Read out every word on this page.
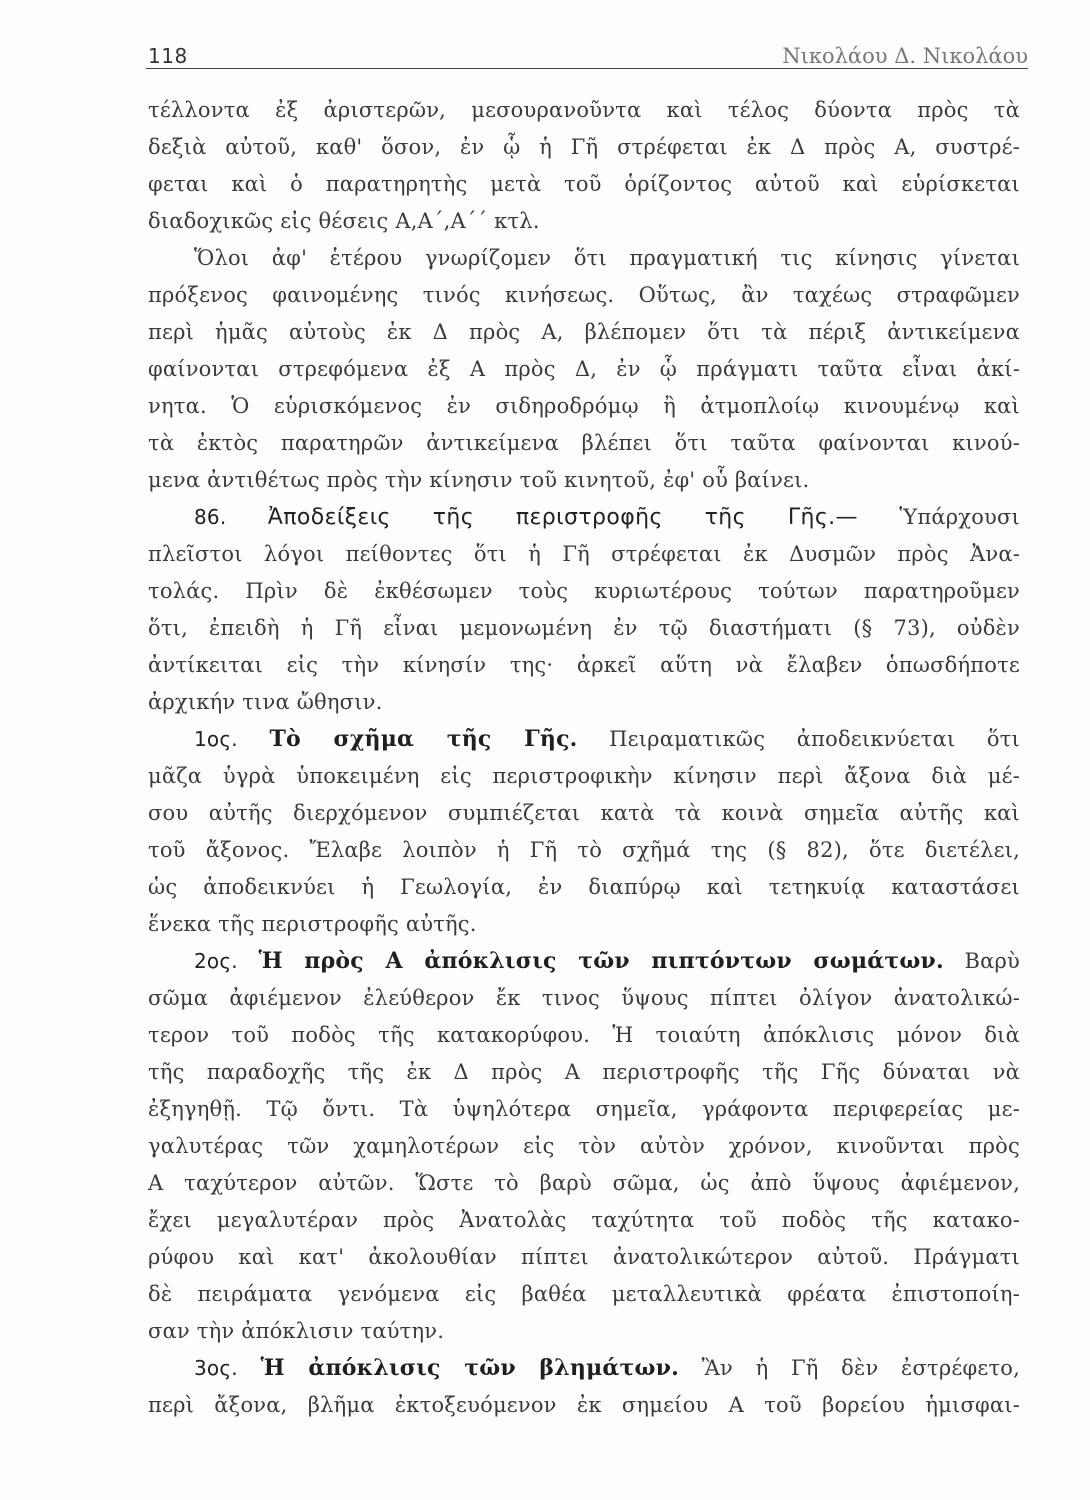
118	Νικολάου Δ. Νικολάου
τέλλοντα ἐξ ἀριστερῶν, μεσουρανοῦντα καὶ τέλος δύοντα πρὸς τὰ
δεξιὰ αὐτοῦ, καθ' ὅσον, ἐν ᾧ ἡ Γῆ στρέφεται ἐκ Δ πρὸς Α, συστρέ-
φεται καὶ ὁ παρατηρητὴς μετὰ τοῦ ὁρίζοντος αὐτοῦ καὶ εὑρίσκεται
διαδοχικῶς εἰς θέσεις Α,Α΄,Α΄΄ κτλ.
Ὅλοι ἀφ' ἑτέρου γνωρίζομεν ὅτι πραγματική τις κίνησις γίνεται
πρόξενος φαινομένης τινός κινήσεως. Οὕτως, ἂν ταχέως στραφῶμεν
περὶ ἡμᾶς αὐτοὺς ἐκ Δ πρὸς Α, βλέπομεν ὅτι τὰ πέριξ ἀντικείμενα
φαίνονται στρεφόμενα ἐξ Α πρὸς Δ, ἐν ᾧ πράγματι ταῦτα εἶναι ἀκί-
νητα. Ὁ εὑρισκόμενος ἐν σιδηροδρόμῳ ἢ ἀτμοπλοίῳ κινουμένῳ καὶ
τὰ ἐκτὸς παρατηρῶν ἀντικείμενα βλέπει ὅτι ταῦτα φαίνονται κινού-
μενα ἀντιθέτως πρὸς τὴν κίνησιν τοῦ κινητοῦ, ἐφ' οὗ βαίνει.
86. Ἀποδείξεις τῆς περιστροφῆς τῆς Γῆς.— Ὑπάρχουσι
πλεῖστοι λόγοι πείθοντες ὅτι ἡ Γῆ στρέφεται ἐκ Δυσμῶν πρὸς Ἀνα-
τολάς. Πρὶν δὲ ἐκθέσωμεν τοὺς κυριωτέρους τούτων παρατηροῦμεν
ὅτι, ἐπειδὴ ἡ Γῆ εἶναι μεμονωμένη ἐν τῷ διαστήματι (§ 73), οὐδὲν
ἀντίκειται εἰς τὴν κίνησίν της· ἀρκεῖ αὕτη νὰ ἔλαβεν ὁπωσδήποτε
ἀρχικήν τινα ὤθησιν.
1ος. Τὸ σχῆμα τῆς Γῆς. Πειραματικῶς ἀποδεικνύεται ὅτι
μᾶζα ὑγρὰ ὑποκειμένη εἰς περιστροφικὴν κίνησιν περὶ ἄξονα διὰ μέ-
σου αὐτῆς διερχόμενον συμπιέζεται κατὰ τὰ κοινὰ σημεῖα αὐτῆς καὶ
τοῦ ἄξονος. Ἔλαβε λοιπὸν ἡ Γῆ τὸ σχῆμά της (§ 82), ὅτε διετέλει,
ὡς ἀποδεικνύει ἡ Γεωλογία, ἐν διαπύρῳ καὶ τετηκυίᾳ καταστάσει
ἕνεκα τῆς περιστροφῆς αὐτῆς.
2ος. Ἡ πρὸς Α ἀπόκλισις τῶν πιπτόντων σωμάτων. Βαρὺ
σῶμα ἀφιέμενον ἐλεύθερον ἔκ τινος ὕψους πίπτει ὀλίγον ἀνατολικώ-
τερον τοῦ ποδὸς τῆς κατακορύφου. Ἡ τοιαύτη ἀπόκλισις μόνον διὰ
τῆς παραδοχῆς τῆς ἐκ Δ πρὸς Α περιστροφῆς τῆς Γῆς δύναται νὰ
ἐξηγηθῇ. Τῷ ὄντι. Τὰ ὑψηλότερα σημεῖα, γράφοντα περιφερείας με-
γαλυτέρας τῶν χαμηλοτέρων εἰς τὸν αὐτὸν χρόνον, κινοῦνται πρὸς
Α ταχύτερον αὐτῶν. Ὥστε τὸ βαρὺ σῶμα, ὡς ἀπὸ ὕψους ἀφιέμενον,
ἔχει μεγαλυτέραν πρὸς Ἀνατολὰς ταχύτητα τοῦ ποδὸς τῆς κατακο-
ρύφου καὶ κατ' ἀκολουθίαν πίπτει ἀνατολικώτερον αὐτοῦ. Πράγματι
δὲ πειράματα γενόμενα εἰς βαθέα μεταλλευτικὰ φρέατα ἐπιστοποίη-
σαν τὴν ἀπόκλισιν ταύτην.
3ος. Ἡ ἀπόκλισις τῶν βλημάτων. Ἂν ἡ Γῆ δὲν ἐστρέφετο,
περὶ ἄξονα, βλῆμα ἐκτοξευόμενον ἐκ σημείου Α τοῦ βορείου ἡμισφαι-
